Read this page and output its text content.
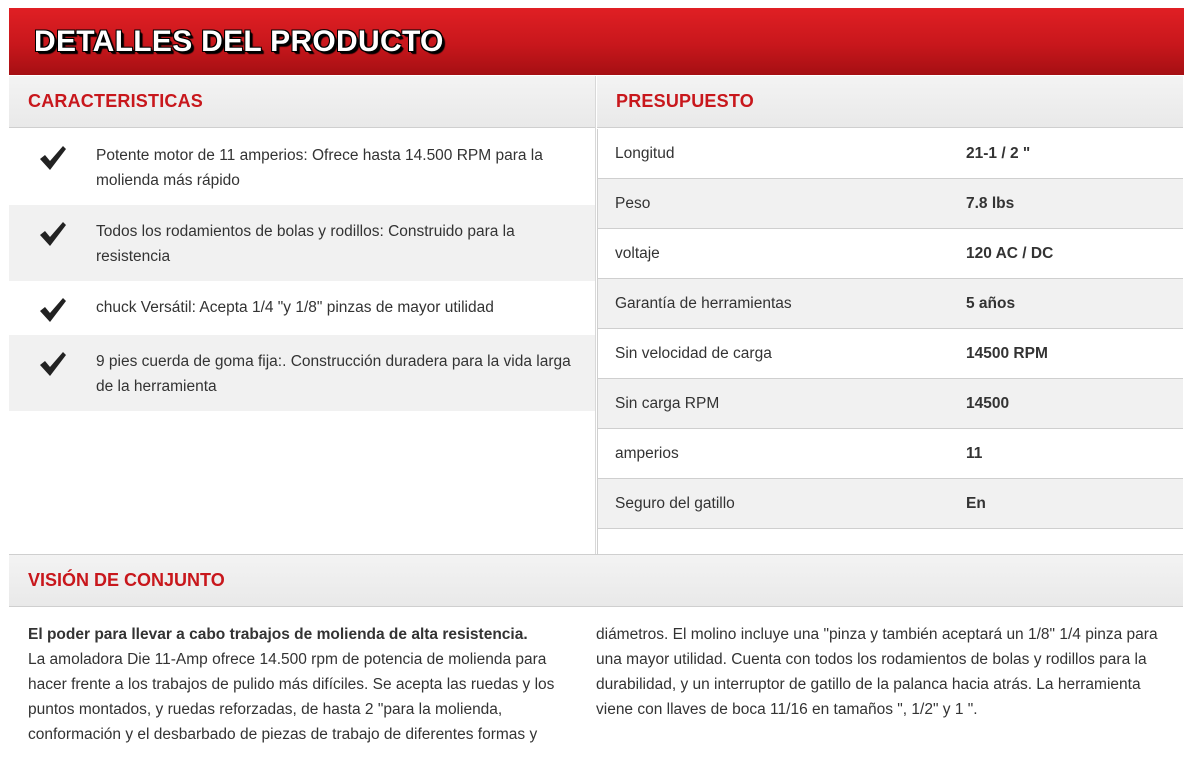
DETALLES DEL PRODUCTO
CARACTERISTICAS	PRESUPUESTO
Potente motor de 11 amperios: Ofrece hasta 14.500 RPM para la molienda más rápido
Todos los rodamientos de bolas y rodillos: Construido para la resistencia
chuck Versátil: Acepta 1/4 "y 1/8" pinzas de mayor utilidad
9 pies cuerda de goma fija:. Construcción duradera para la vida larga de la herramienta
Longitud	21-1 / 2 "
Peso	7.8 lbs
voltaje	120 AC / DC
Garantía de herramientas	5 años
Sin velocidad de carga	14500 RPM
Sin carga RPM	14500
amperios	11
Seguro del gatillo	En
VISIÓN DE CONJUNTO
El poder para llevar a cabo trabajos de molienda de alta resistencia.
La amoladora Die 11-Amp ofrece 14.500 rpm de potencia de molienda para hacer frente a los trabajos de pulido más difíciles. Se acepta las ruedas y los puntos montados, y ruedas reforzadas, de hasta 2 "para la molienda, conformación y el desbarbado de piezas de trabajo de diferentes formas y
diámetros. El molino incluye una "pinza y también aceptará un 1/8" 1/4 pinza para una mayor utilidad. Cuenta con todos los rodamientos de bolas y rodillos para la durabilidad, y un interruptor de gatillo de la palanca hacia atrás. La herramienta viene con llaves de boca 11/16 en tamaños ", 1/2" y 1 ".
